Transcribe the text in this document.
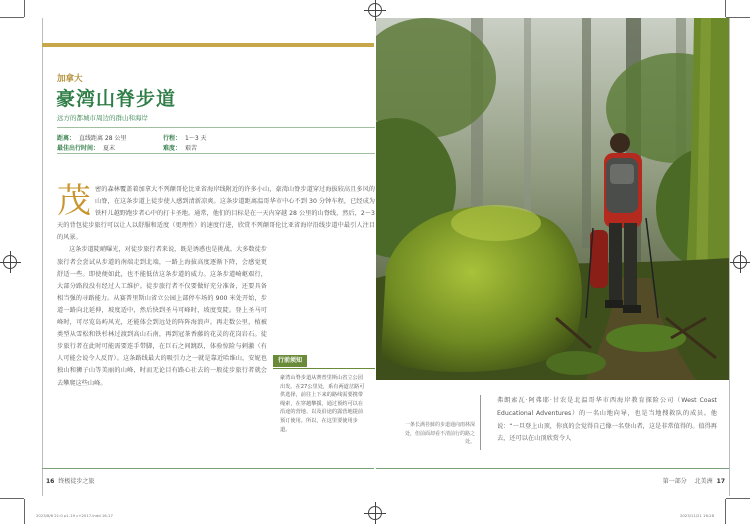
加拿大
豪湾山脊步道
远方的都城市周边的群山和海岸
距离： 直线距离 28 公里	行程： 1～3 天
最佳出行时间： 夏末	难度： 艰苦

茂密的森林覆盖着加拿大不列颠哥伦比亚省海岸线附近的许多小山，豪湾山脊步道穿过海拔较高且多风的山脊，在这条步道上徒步使人感到清新凉爽。这条步道距离温哥华市中心不到 30 分钟车程，已经成为铁杆儿越野跑步者心中的打卡圣地。通常，他们的目标是在一天内穿越 28 公里的山脊线，然后，2～3 天的背包徒步旅行可以让人以舒服和适度（更理性）的速度行进，欣赏不列颠哥伦比亚省海岸沿线步道中最引人注目的风景。

这条步道陡峭曝光，对徒步旅行者来说，既是诱惑也是挑战。大多数徒步旅行者会尝试从步道的南端走到北端，一路上海拔高度逐渐下降，会感觉更舒适一些。即使便如此，也不能低估这条步道的威力。这条步道崎岖艰行，大部分路段没有经过人工维护。徒步旅行者不仅要做好充分准备，还要具备相当强的寻路能力。从赛普里斯山省立公园上部停车场的 900 米处开始，步道一路向北延伸，坡度适中，然后快到圣马可峰时，坡度变陡。登上圣马可峰时，可尽览岛屿风光，还能体会到远处的阵阵海浪声。再走数公里，植被类型从雪松和铁杉林过渡到高山石南，再到冠茶香藤的花灵的花岗岩石。徒步旅行者在此时可能需要连手带脚，在巨石之间跳跃，体验惊险与刺激（有人可能会说令人反胃）。这条路线最大的吸引力之一就是靠近哈维山，安妮也独山和狮子山等美丽的山峰，时而无论目有路心社去的一般徒步旅行者就会去攀爬这些山峰。

行前须知
豪湾山脊步道从赛普里斯山省立公园出发。在27公里处，系有两道岔路可供选择，前往上下来的路线需要携带绳索，在穿越攀援，通过预约可以在沿途的营地、以及沿途的露营地提前预订使用。所以，在这里要使用步道。
一条长满苔藓的步道通向雨林深处，但前面却看不清前行的路之处。
弗朗索瓦·阿弗耶·甘农是北温哥华市西海岸教育探险公司（West Coast Educational Adventures）的一名山地向导，也是当地搜救队的成员。他说：“一旦登上山顶，你真的会觉得自己像一名登山者，这是非常值得的。值得再去，还可以在山顶欣赏令人
16 终极徒步之旅	第一部分 北美洲 17
2023/8/6 21:0 p1-19 c+2017.indd 16-17	2023/11/21 16:28
